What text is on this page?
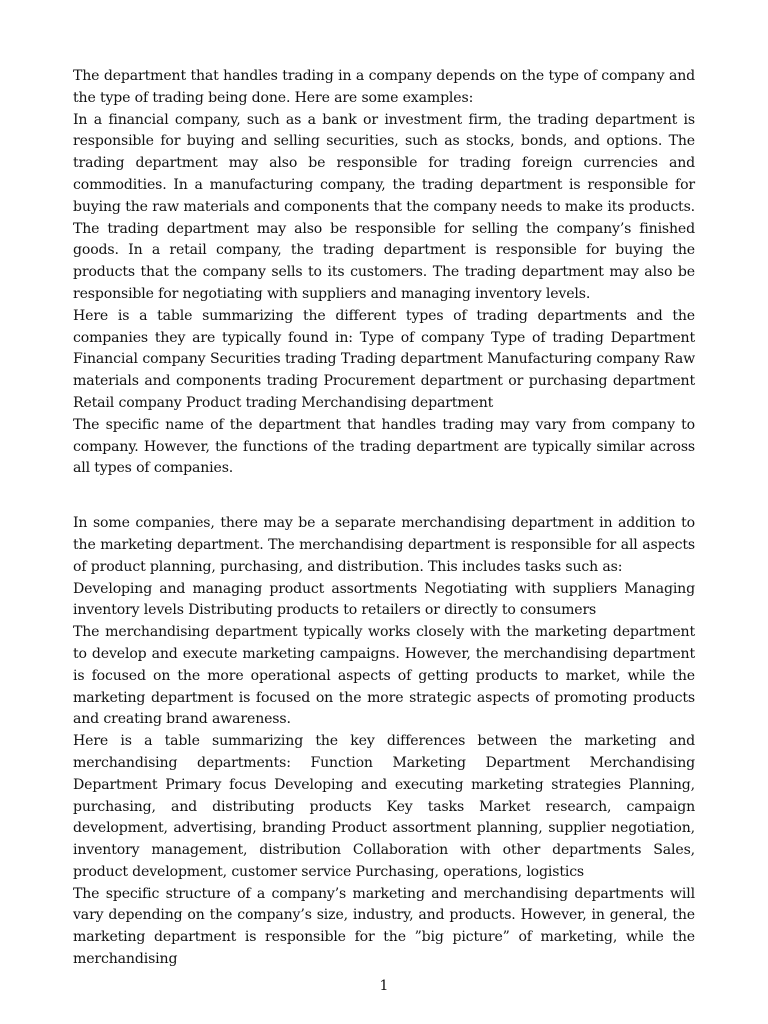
The department that handles trading in a company depends on the type of company and the type of trading being done. Here are some examples:

In a financial company, such as a bank or investment firm, the trading department is responsible for buying and selling securities, such as stocks, bonds, and options. The trading department may also be responsible for trading foreign currencies and commodities. In a manufacturing company, the trading department is responsible for buying the raw materials and components that the company needs to make its products. The trading department may also be responsible for selling the company’s finished goods. In a retail company, the trading department is responsible for buying the products that the company sells to its customers. The trading department may also be responsible for negotiating with suppliers and managing inventory levels.

Here is a table summarizing the different types of trading departments and the companies they are typically found in: Type of company Type of trading Department Financial company Securities trading Trading department Manufacturing company Raw materials and components trading Procurement department or purchasing department Retail company Product trading Merchandising department

The specific name of the department that handles trading may vary from company to company. However, the functions of the trading department are typically similar across all types of companies.

In some companies, there may be a separate merchandising department in addition to the marketing department. The merchandising department is responsible for all aspects of product planning, purchasing, and distribution. This includes tasks such as:

Developing and managing product assortments Negotiating with suppliers Managing inventory levels Distributing products to retailers or directly to consumers

The merchandising department typically works closely with the marketing department to develop and execute marketing campaigns. However, the merchandising department is focused on the more operational aspects of getting products to market, while the marketing department is focused on the more strategic aspects of promoting products and creating brand awareness.

Here is a table summarizing the key differences between the marketing and merchandising departments: Function Marketing Department Merchandising Department Primary focus Developing and executing marketing strategies Planning, purchasing, and distributing products Key tasks Market research, campaign development, advertising, branding Product assortment planning, supplier negotiation, inventory management, distribution Collaboration with other departments Sales, product development, customer service Purchasing, operations, logistics

The specific structure of a company’s marketing and merchandising departments will vary depending on the company’s size, industry, and products. However, in general, the marketing department is responsible for the ”big picture” of marketing, while the merchandising

1
